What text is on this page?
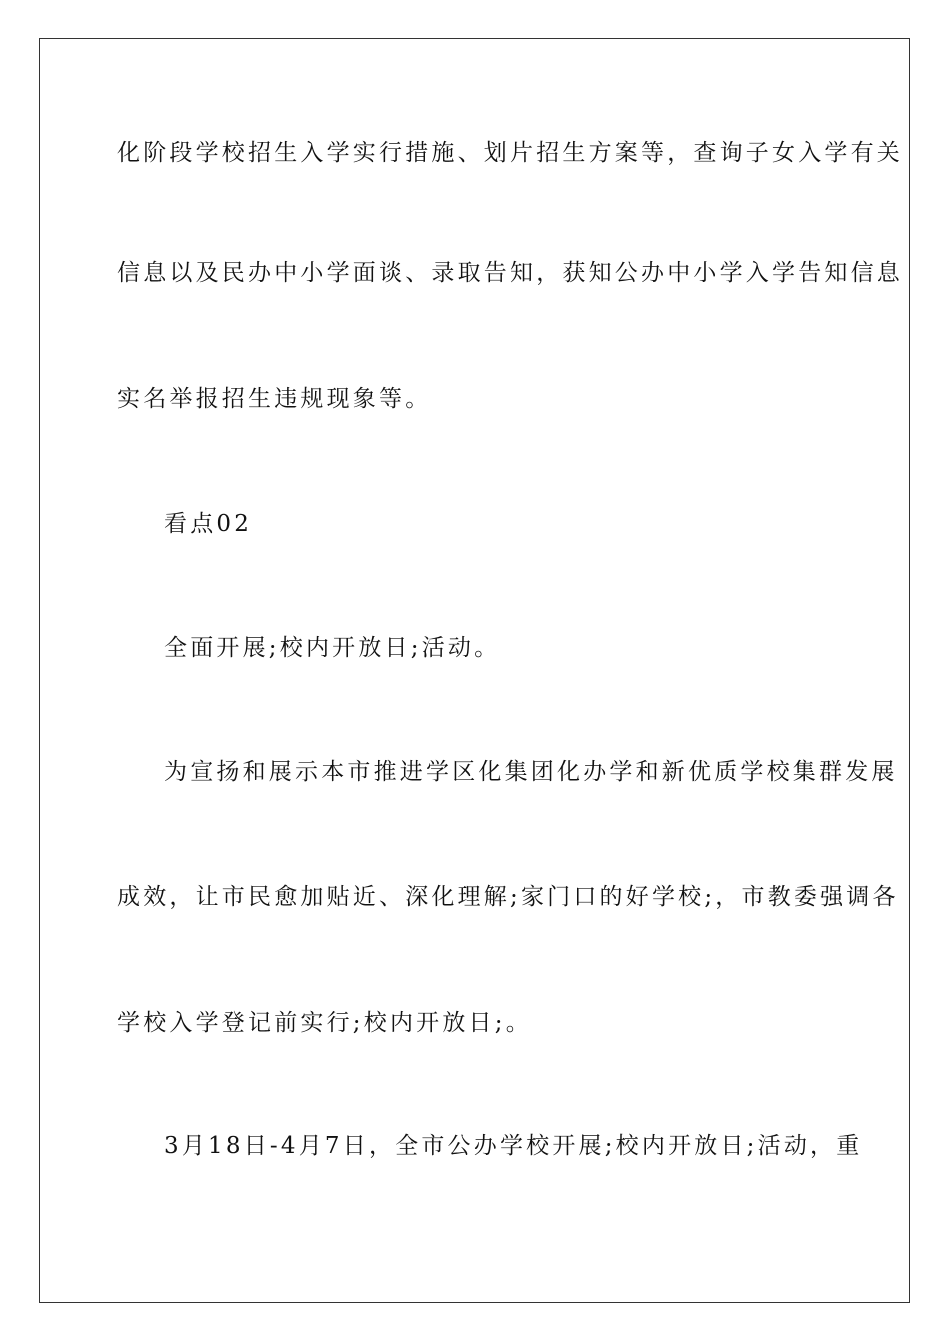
化阶段学校招生入学实行措施、划片招生方案等，查询子女入学有关
信息以及民办中小学面谈、录取告知，获知公办中小学入学告知信息
实名举报招生违规现象等。
看点02
全面开展;校内开放日;活动。
为宣扬和展示本市推进学区化集团化办学和新优质学校集群发展
成效，让市民愈加贴近、深化理解;家门口的好学校;，市教委强调各
学校入学登记前实行;校内开放日;。
3月18日-4月7日，全市公办学校开展;校内开放日;活动，重
